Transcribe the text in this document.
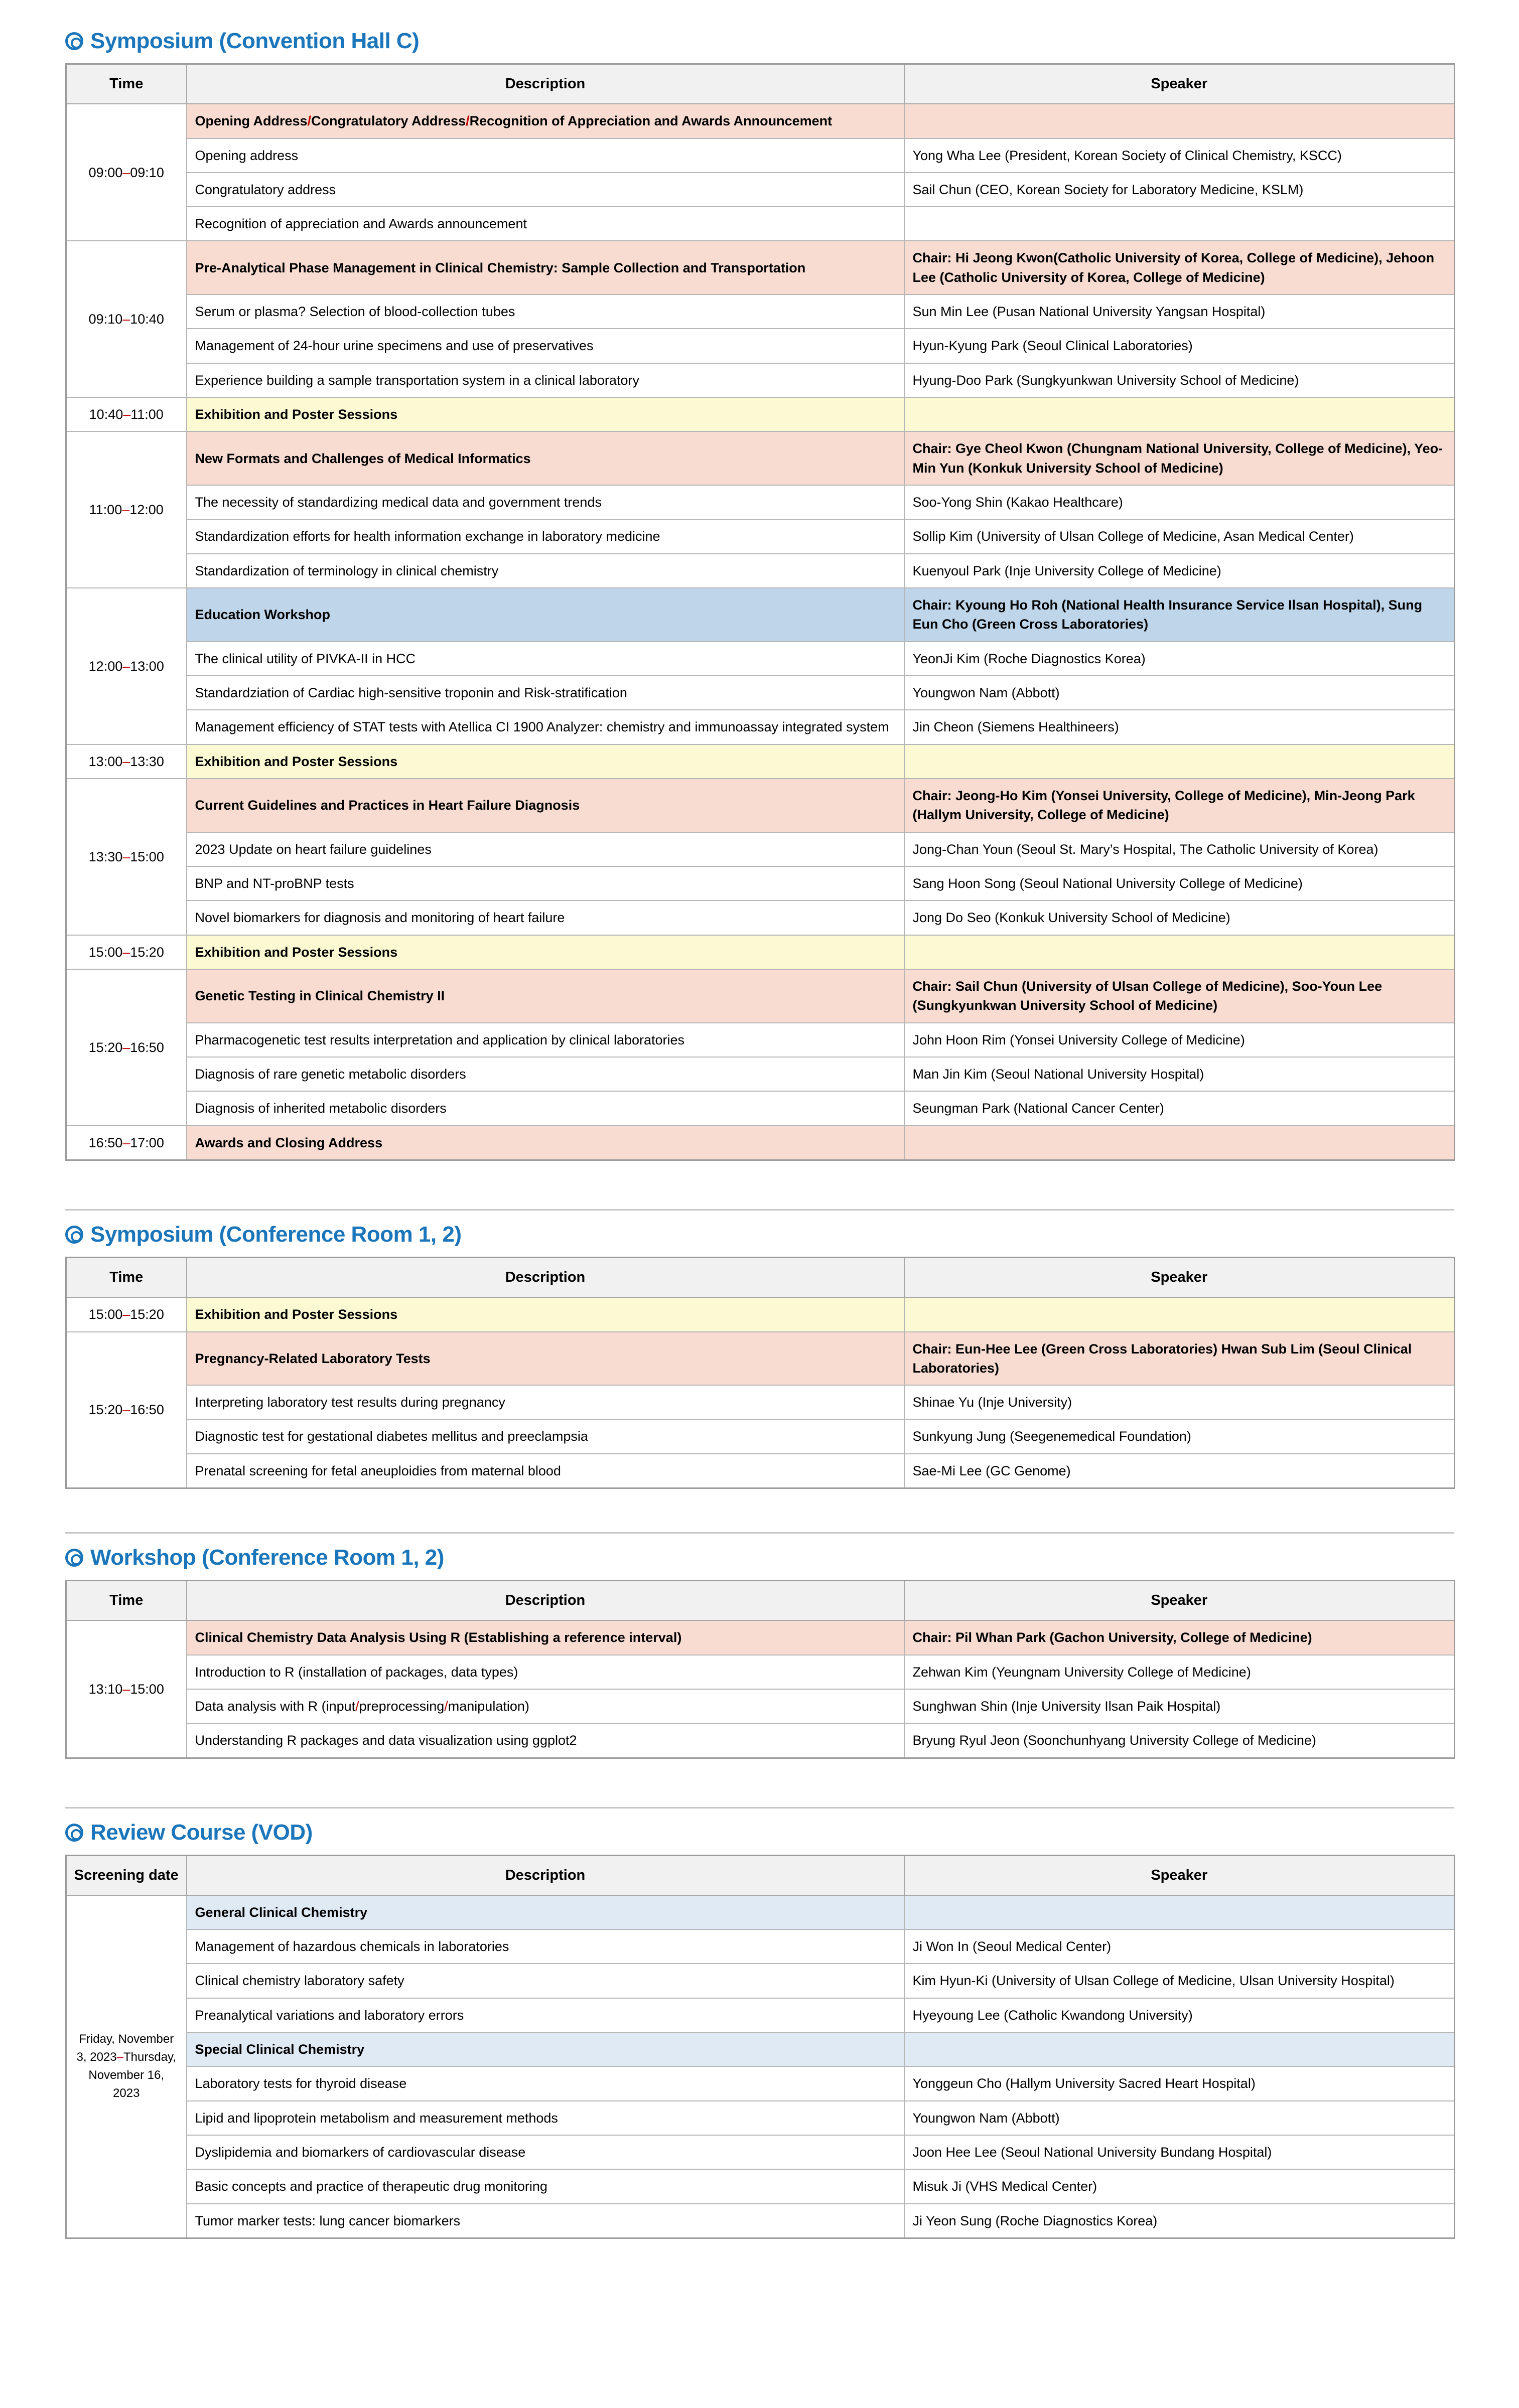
Symposium (Convention Hall C)
Time	Description	Speaker
09:00–09:10	Opening Address/Congratulatory Address/Recognition of Appreciation and Awards Announcement	
	Opening address	Yong Wha Lee (President, Korean Society of Clinical Chemistry, KSCC)
	Congratulatory address	Sail Chun (CEO, Korean Society for Laboratory Medicine, KSLM)
	Recognition of appreciation and Awards announcement	
09:10–10:40	Pre-Analytical Phase Management in Clinical Chemistry: Sample Collection and Transportation	Chair: Hi Jeong Kwon(Catholic University of Korea, College of Medicine), Jehoon Lee (Catholic University of Korea, College of Medicine)
	Serum or plasma? Selection of blood-collection tubes	Sun Min Lee (Pusan National University Yangsan Hospital)
	Management of 24-hour urine specimens and use of preservatives	Hyun-Kyung Park (Seoul Clinical Laboratories)
	Experience building a sample transportation system in a clinical laboratory	Hyung-Doo Park (Sungkyunkwan University School of Medicine)
10:40–11:00	Exhibition and Poster Sessions	
11:00–12:00	New Formats and Challenges of Medical Informatics	Chair: Gye Cheol Kwon (Chungnam National University, College of Medicine), Yeo-Min Yun (Konkuk University School of Medicine)
	The necessity of standardizing medical data and government trends	Soo-Yong Shin (Kakao Healthcare)
	Standardization efforts for health information exchange in laboratory medicine	Sollip Kim (University of Ulsan College of Medicine, Asan Medical Center)
	Standardization of terminology in clinical chemistry	Kuenyoul Park (Inje University College of Medicine)
12:00–13:00	Education Workshop	Chair: Kyoung Ho Roh (National Health Insurance Service Ilsan Hospital), Sung Eun Cho (Green Cross Laboratories)
	The clinical utility of PIVKA-II in HCC	YeonJi Kim (Roche Diagnostics Korea)
	Standardziation of Cardiac high-sensitive troponin and Risk-stratification	Youngwon Nam (Abbott)
	Management efficiency of STAT tests with Atellica CI 1900 Analyzer: chemistry and immunoassay integrated system	Jin Cheon (Siemens Healthineers)
13:00–13:30	Exhibition and Poster Sessions	
13:30–15:00	Current Guidelines and Practices in Heart Failure Diagnosis	Chair: Jeong-Ho Kim (Yonsei University, College of Medicine), Min-Jeong Park (Hallym University, College of Medicine)
	2023 Update on heart failure guidelines	Jong-Chan Youn (Seoul St. Mary’s Hospital, The Catholic University of Korea)
	BNP and NT-proBNP tests	Sang Hoon Song (Seoul National University College of Medicine)
	Novel biomarkers for diagnosis and monitoring of heart failure	Jong Do Seo (Konkuk University School of Medicine)
15:00–15:20	Exhibition and Poster Sessions	
15:20–16:50	Genetic Testing in Clinical Chemistry II	Chair: Sail Chun (University of Ulsan College of Medicine), Soo-Youn Lee (Sungkyunkwan University School of Medicine)
	Pharmacogenetic test results interpretation and application by clinical laboratories	John Hoon Rim (Yonsei University College of Medicine)
	Diagnosis of rare genetic metabolic disorders	Man Jin Kim (Seoul National University Hospital)
	Diagnosis of inherited metabolic disorders	Seungman Park (National Cancer Center)
16:50–17:00	Awards and Closing Address	
Symposium (Conference Room 1, 2)
Time	Description	Speaker
15:00–15:20	Exhibition and Poster Sessions	
15:20–16:50	Pregnancy-Related Laboratory Tests	Chair: Eun-Hee Lee (Green Cross Laboratories) Hwan Sub Lim (Seoul Clinical Laboratories)
	Interpreting laboratory test results during pregnancy	Shinae Yu (Inje University)
	Diagnostic test for gestational diabetes mellitus and preeclampsia	Sunkyung Jung (Seegenemedical Foundation)
	Prenatal screening for fetal aneuploidies from maternal blood	Sae-Mi Lee (GC Genome)
Workshop (Conference Room 1, 2)
Time	Description	Speaker
13:10–15:00	Clinical Chemistry Data Analysis Using R (Establishing a reference interval)	Chair: Pil Whan Park (Gachon University, College of Medicine)
	Introduction to R (installation of packages, data types)	Zehwan Kim (Yeungnam University College of Medicine)
	Data analysis with R (input/preprocessing/manipulation)	Sunghwan Shin (Inje University Ilsan Paik Hospital)
	Understanding R packages and data visualization using ggplot2	Bryung Ryul Jeon (Soonchunhyang University College of Medicine)
Review Course (VOD)
Screening date	Description	Speaker
Friday, November 3, 2023–Thursday, November 16, 2023	General Clinical Chemistry	
	Management of hazardous chemicals in laboratories	Ji Won In (Seoul Medical Center)
	Clinical chemistry laboratory safety	Kim Hyun-Ki (University of Ulsan College of Medicine, Ulsan University Hospital)
	Preanalytical variations and laboratory errors	Hyeyoung Lee (Catholic Kwandong University)
	Special Clinical Chemistry	
	Laboratory tests for thyroid disease	Yonggeun Cho (Hallym University Sacred Heart Hospital)
	Lipid and lipoprotein metabolism and measurement methods	Youngwon Nam (Abbott)
	Dyslipidemia and biomarkers of cardiovascular disease	Joon Hee Lee (Seoul National University Bundang Hospital)
	Basic concepts and practice of therapeutic drug monitoring	Misuk Ji (VHS Medical Center)
	Tumor marker tests: lung cancer biomarkers	Ji Yeon Sung (Roche Diagnostics Korea)
